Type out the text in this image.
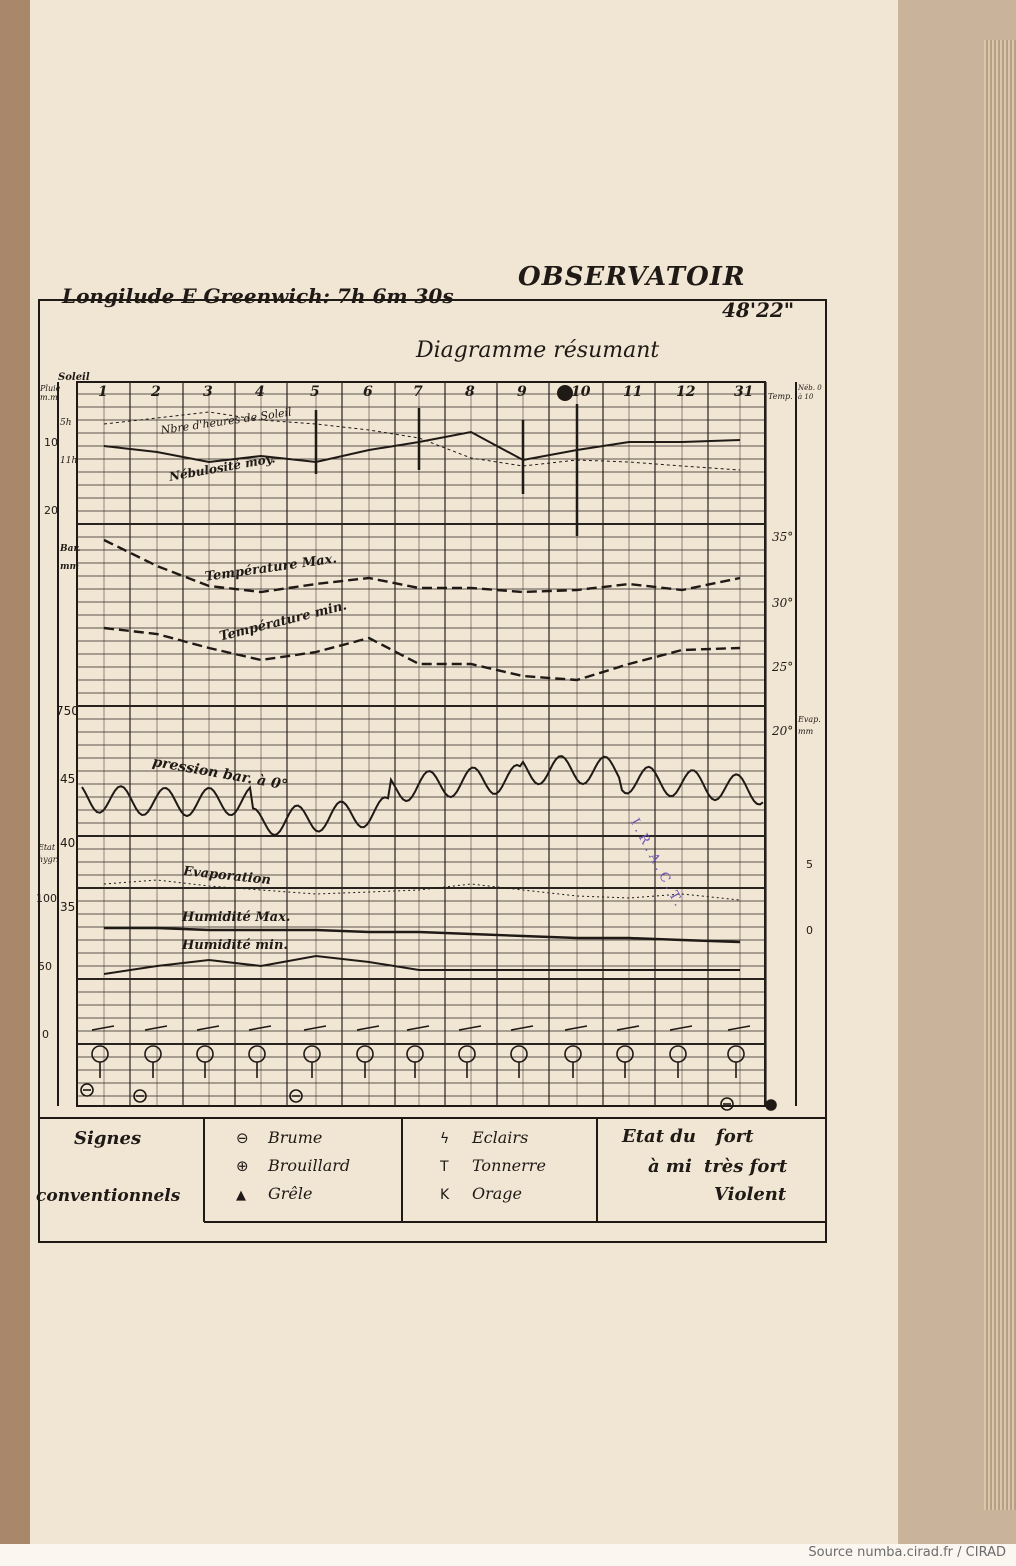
OBSERVATOIR
Longilude E Greenwich: 7h 6m 30s
48'22"
Diagramme résumant
1	2	3	4	5	6	7	8	9	10 11 12	31
Pluie m.m
Soleil
10
20
5h
11h
Bar. mm
750
45
40
35
Etat hygr.
100
50
0
Néb. 0 à 10
Temp.
35°
30°
25°
20°
Evap. mm
5
0
Nbre d'heures de Soleil
Nébulosité moy.
Température Max.
Température min.
pression bar. à 0°
Evaporation
Humidité Max.
Humidité min.
I.R.A.C.T.
Signes
conventionnels
⊖ Brume
⊕ Brouillard
▲ Grêle
ϟ Eclairs
T Tonnerre
K Orage
Etat du fort
à mi très fort
Violent
Source numba.cirad.fr / CIRAD
